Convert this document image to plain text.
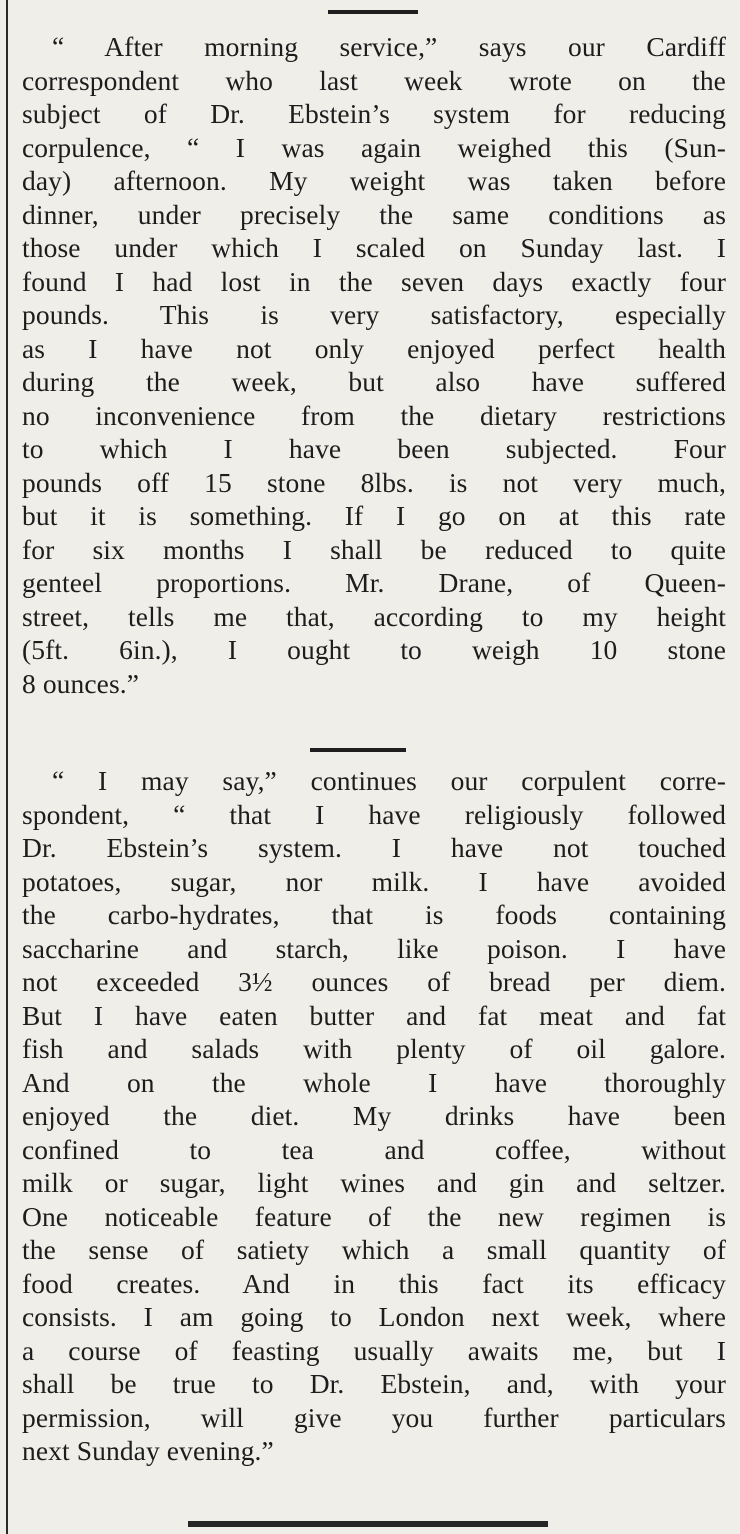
“ After morning service,” says our Cardiff
correspondent who last week wrote on the
subject of Dr. Ebstein’s system for reducing
corpulence, “ I was again weighed this (Sun-
day) afternoon. My weight was taken before
dinner, under precisely the same conditions as
those under which I scaled on Sunday last. I
found I had lost in the seven days exactly four
pounds. This is very satisfactory, especially
as I have not only enjoyed perfect health
during the week, but also have suffered
no inconvenience from the dietary restrictions
to which I have been subjected. Four
pounds off 15 stone 8lbs. is not very much,
but it is something. If I go on at this rate
for six months I shall be reduced to quite
genteel proportions. Mr. Drane, of Queen-
street, tells me that, according to my height
(5ft. 6in.), I ought to weigh 10 stone
8 ounces.”

“ I may say,” continues our corpulent corre-
spondent, “ that I have religiously followed
Dr. Ebstein’s system. I have not touched
potatoes, sugar, nor milk. I have avoided
the carbo-hydrates, that is foods containing
saccharine and starch, like poison. I have
not exceeded 3½ ounces of bread per diem.
But I have eaten butter and fat meat and fat
fish and salads with plenty of oil galore.
And on the whole I have thoroughly
enjoyed the diet. My drinks have been
confined to tea and coffee, without
milk or sugar, light wines and gin and seltzer.
One noticeable feature of the new regimen is
the sense of satiety which a small quantity of
food creates. And in this fact its efficacy
consists. I am going to London next week, where
a course of feasting usually awaits me, but I
shall be true to Dr. Ebstein, and, with your
permission, will give you further particulars
next Sunday evening.”
